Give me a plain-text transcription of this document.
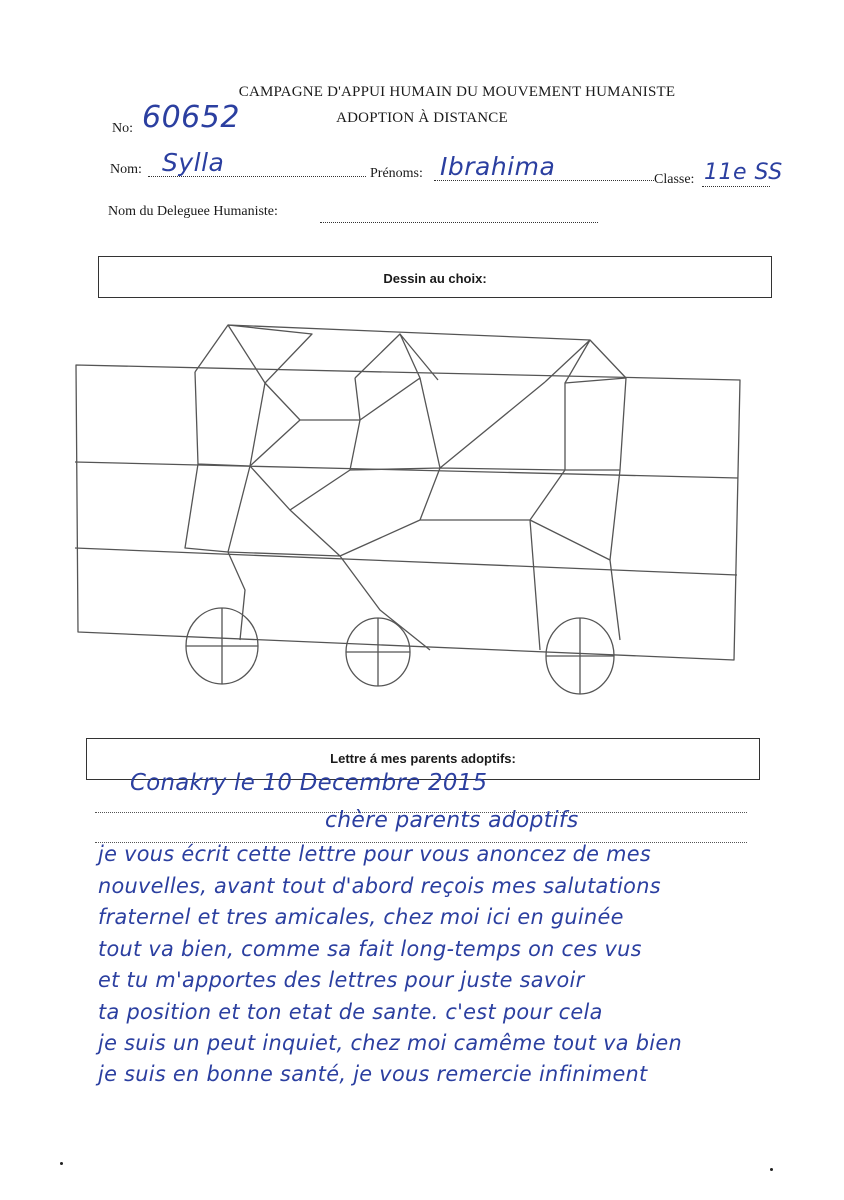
CAMPAGNE D'APPUI HUMAIN DU MOUVEMENT HUMANISTE
ADOPTION À DISTANCE
No: 60652
Nom: Sylla	Prénoms: Ibrahima	Classe: 11e SS
Nom du Deleguee Humaniste:
Dessin au choix:
Lettre á mes parents adoptifs:
Conakry le 10 Decembre 2015
chère parents adoptifs
je vous écrit cette lettre pour vous anoncez de mes
nouvelles, avant tout d'abord reçois mes salutations
fraternel et tres amicales, chez moi ici en guinée
tout va bien, comme sa fait long-temps on ces vus
et tu m'apportes des lettres pour juste savoir
ta position et ton etat de sante. c'est pour cela
je suis un peut inquiet, chez moi camême tout va bien
je suis en bonne santé, je vous remercie infiniment
